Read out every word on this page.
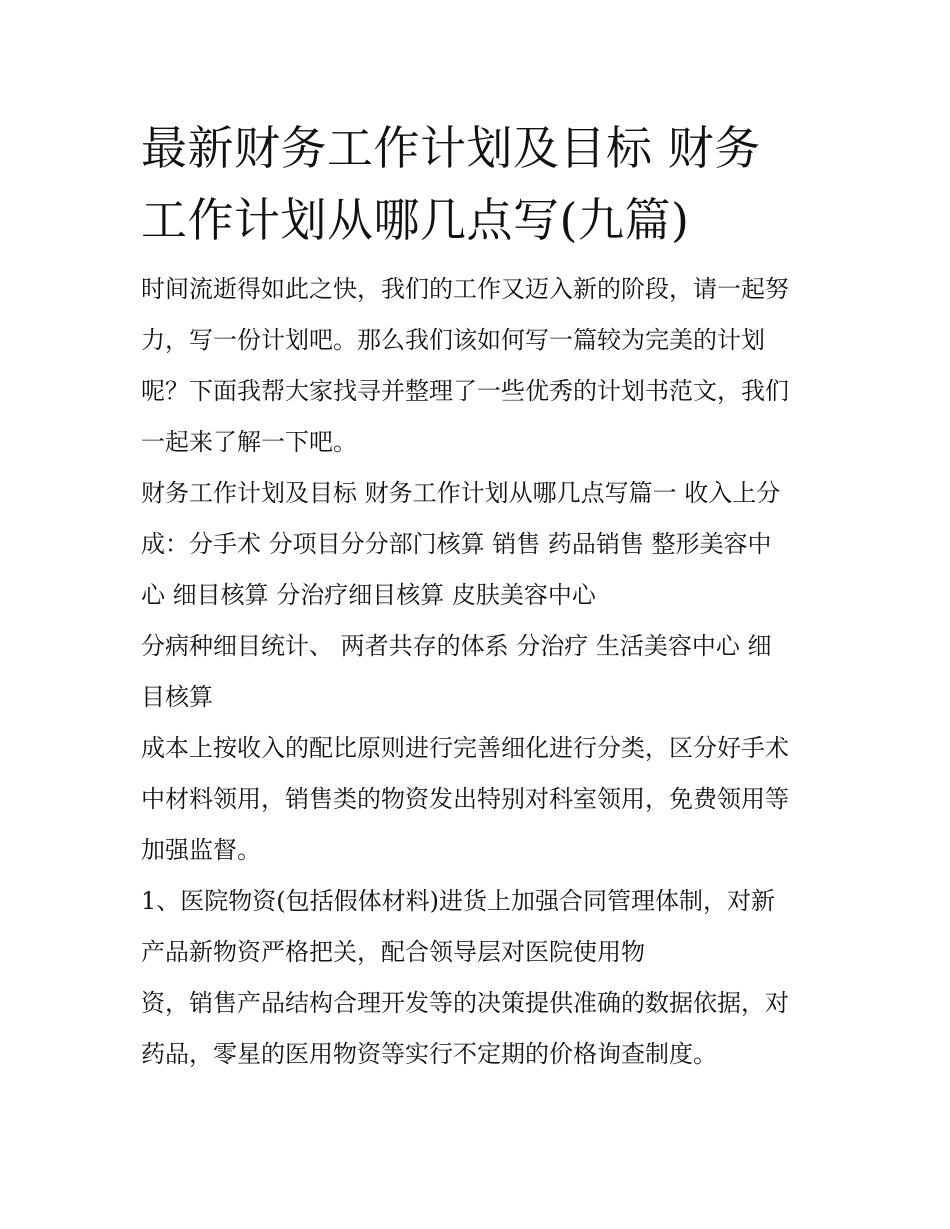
最新财务工作计划及目标 财务
工作计划从哪几点写(九篇)
时间流逝得如此之快，我们的工作又迈入新的阶段，请一起努
力，写一份计划吧。那么我们该如何写一篇较为完美的计划
呢？下面我帮大家找寻并整理了一些优秀的计划书范文，我们
一起来了解一下吧。
财务工作计划及目标 财务工作计划从哪几点写篇一 收入上分
成：分手术 分项目分分部门核算 销售 药品销售 整形美容中
心 细目核算 分治疗细目核算 皮肤美容中心
分病种细目统计、 两者共存的体系 分治疗 生活美容中心 细
目核算
成本上按收入的配比原则进行完善细化进行分类，区分好手术
中材料领用，销售类的物资发出特别对科室领用，免费领用等
加强监督。
1、医院物资(包括假体材料)进货上加强合同管理体制，对新
产品新物资严格把关，配合领导层对医院使用物
资，销售产品结构合理开发等的决策提供准确的数据依据，对
药品，零星的医用物资等实行不定期的价格询查制度。
